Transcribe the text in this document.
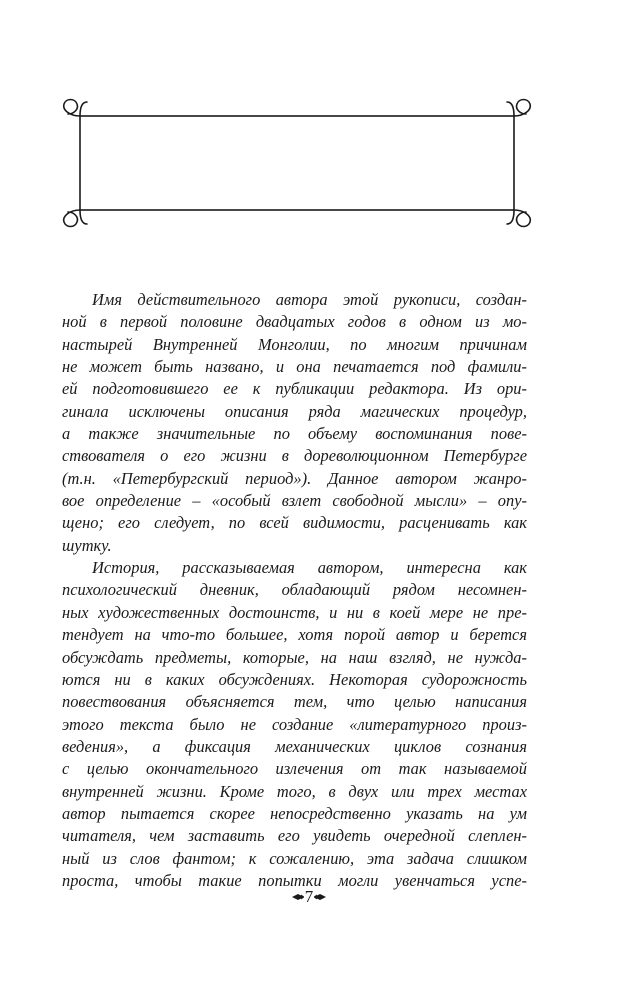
Имя действительного автора этой рукописи, создан-
ной в первой половине двадцатых годов в одном из мо-
настырей Внутренней Монголии, по многим причинам
не может быть названо, и она печатается под фамили-
ей подготовившего ее к публикации редактора. Из ори-
гинала исключены описания ряда магических процедур,
а также значительные по объему воспоминания пове-
ствователя о его жизни в дореволюционном Петербурге
(т.н. «Петербургский период»). Данное автором жанро-
вое определение – «особый взлет свободной мысли» – опу-
щено; его следует, по всей видимости, расценивать как
шутку.
История, рассказываемая автором, интересна как
психологический дневник, обладающий рядом несомнен-
ных художественных достоинств, и ни в коей мере не пре-
тендует на что-то большее, хотя порой автор и берется
обсуждать предметы, которые, на наш взгляд, не нужда-
ются ни в каких обсуждениях. Некоторая судорожность
повествования объясняется тем, что целью написания
этого текста было не создание «литературного произ-
ведения», а фиксация механических циклов сознания
с целью окончательного излечения от так называемой
внутренней жизни. Кроме того, в двух или трех местах
автор пытается скорее непосредственно указать на ум
читателя, чем заставить его увидеть очередной слеплен-
ный из слов фантом; к сожалению, эта задача слишком
проста, чтобы такие попытки могли увенчаться успе-
7
